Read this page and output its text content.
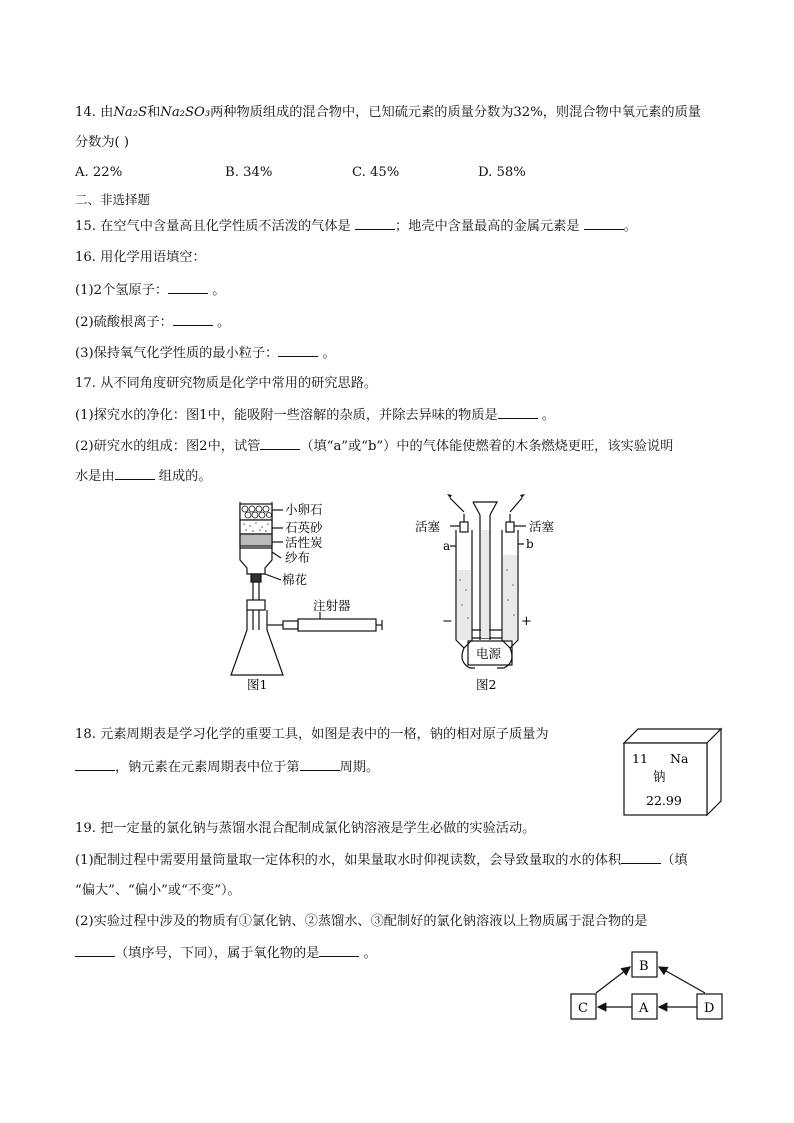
14. 由Na₂S和Na₂SO₃两种物质组成的混合物中，已知硫元素的质量分数为32%，则混合物中氧元素的质量
分数为( )
A. 22%	B. 34%	C. 45%	D. 58%
二、非选择题
15. 在空气中含量高且化学性质不活泼的气体是	；地壳中含量最高的金属元素是	。
16. 用化学用语填空：
(1)2个氢原子：	。
(2)硫酸根离子：	。
(3)保持氧气化学性质的最小粒子：	。
17. 从不同角度研究物质是化学中常用的研究思路。
(1)探究水的净化：图1中，能吸附一些溶解的杂质，并除去异味的物质是	。
(2)研究水的组成：图2中，试管	（填“a”或“b”）中的气体能使燃着的木条燃烧更旺，该实验说明
水是由	组成的。
小卵石
石英砂
活性炭
纱布
棉花
注射器
图1
活塞	活塞
a	b
−	+
电源
图2
18. 元素周期表是学习化学的重要工具，如图是表中的一格，钠的相对原子质量为
，钠元素在元素周期表中位于第	周期。
11 Na
钠
22.99
19. 把一定量的氯化钠与蒸馏水混合配制成氯化钠溶液是学生必做的实验活动。
(1)配制过程中需要用量筒量取一定体积的水，如果量取水时仰视读数，会导致量取的水的体积	（填
“偏大”、“偏小”或“不变”）。
(2)实验过程中涉及的物质有①氯化钠、②蒸馏水、③配制好的氯化钠溶液以上物质属于混合物的是
（填序号，下同），属于氧化物的是	。
B
C	A	D
